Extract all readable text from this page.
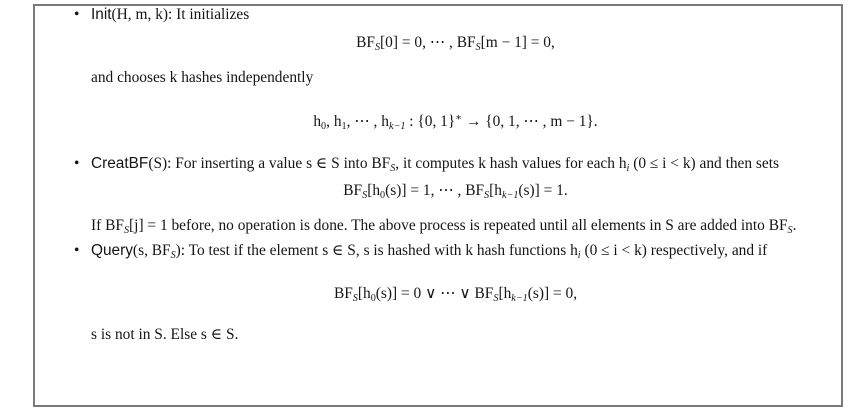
• Init(H, m, k): It initializes

BFS[0] = 0, ⋯ , BFS[m − 1] = 0,

and chooses k hashes independently

$h_0$, $h_1$, ⋯ , hk−1 : {0, 1}∗ → {0, 1, ⋯ , m − 1}.
• CreatBF(S): For inserting a value s ∈ S into BFS, it computes k hash values for each hi (0 ≤ i < k) and then sets

$BFS[h_0(s)] = 1$, ⋯ , BFS[hk−1(s)] = 1.

If BFS[j] = 1 before, no operation is done. The above process is repeated until all elements in S are added into BFS.

• Query(s, BFS): To test if the element s ∈ S, s is hashed with k hash functions hi (0 ≤ i < k) respectively, and if

$BFS[h_0(s)] = 0$ ∨ ⋯ ∨ BFS[hk−1(s)] = 0,

s is not in S. Else s ∈ S.
